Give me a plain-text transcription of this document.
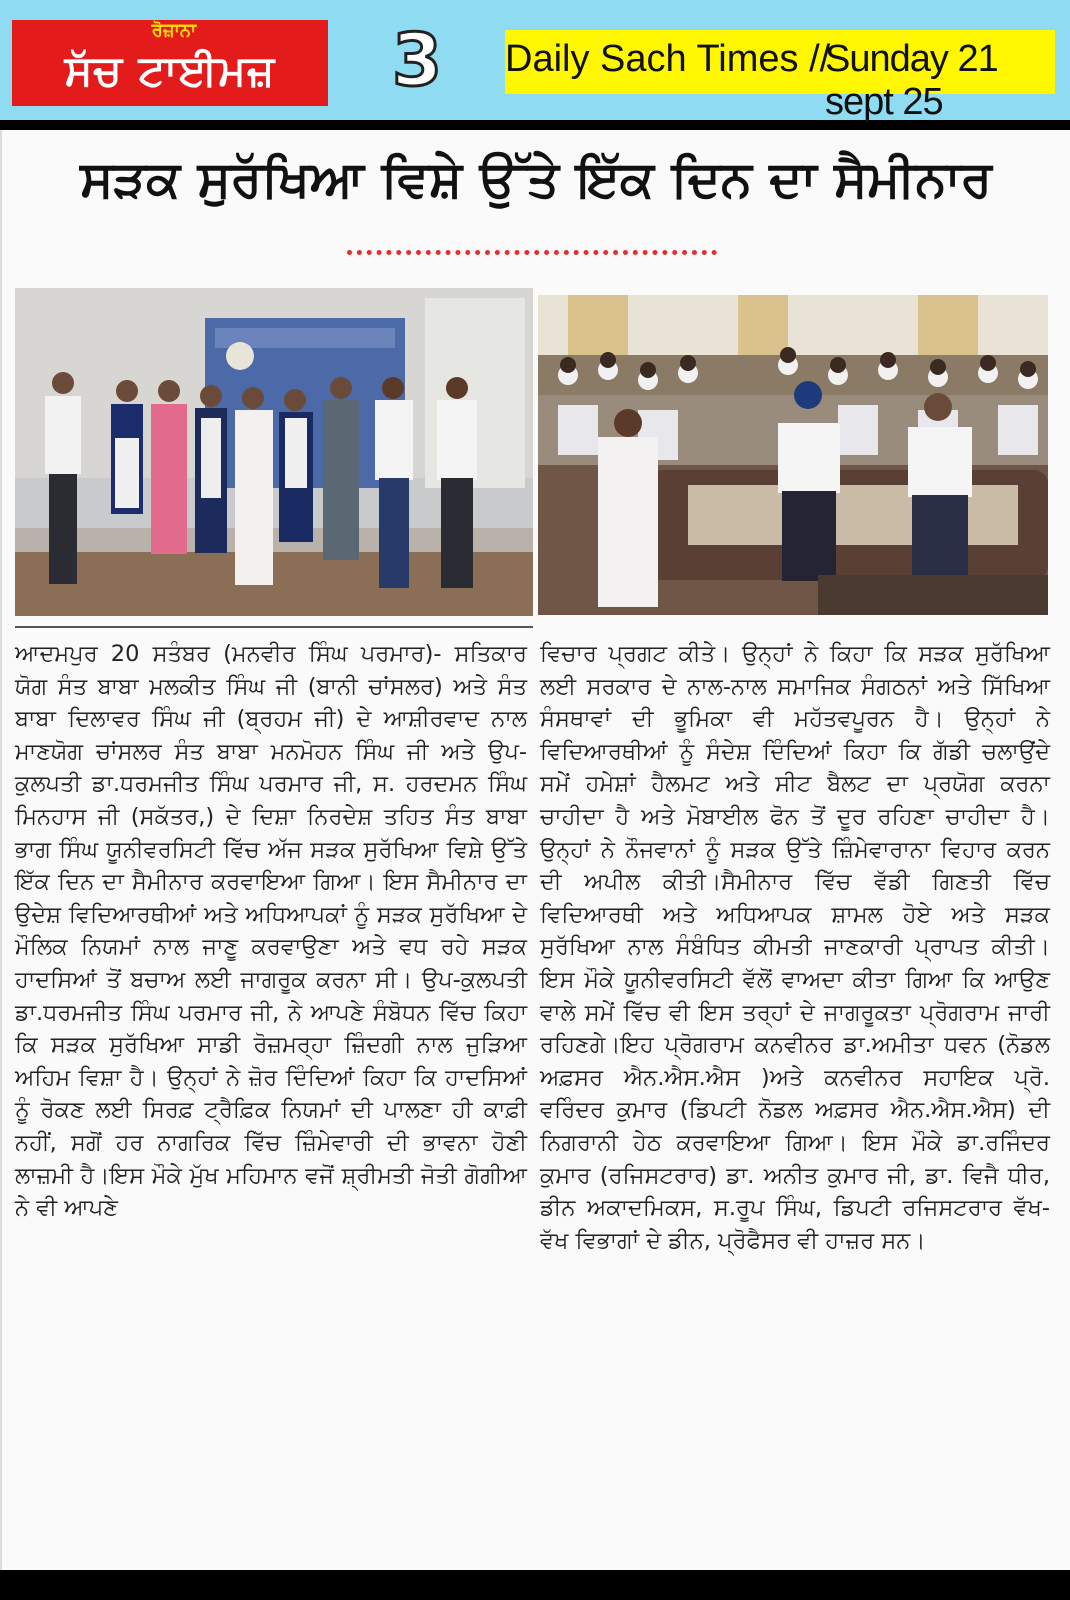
ਰੋਜ਼ਾਨਾ
ਸੱਚ ਟਾਈਮਜ਼	3	Daily Sach Times //
Sunday 21 sept 25
ਸੜਕ ਸੁਰੱਖਿਆ ਵਿਸ਼ੇ ਉੱਤੇ ਇੱਕ ਦਿਨ ਦਾ ਸੈਮੀਨਾਰ
ਆਦਮਪੁਰ 20 ਸਤੰਬਰ (ਮਨਵੀਰ ਸਿੰਘ ਪਰਮਾਰ)- ਸਤਿਕਾਰ ਯੋਗ ਸੰਤ ਬਾਬਾ ਮਲਕੀਤ ਸਿੰਘ ਜੀ (ਬਾਨੀ ਚਾਂਸਲਰ) ਅਤੇ ਸੰਤ ਬਾਬਾ ਦਿਲਾਵਰ ਸਿੰਘ ਜੀ (ਬ੍ਰਹਮ ਜੀ) ਦੇ ਆਸ਼ੀਰਵਾਦ ਨਾਲ ਮਾਣਯੋਗ ਚਾਂਸਲਰ ਸੰਤ ਬਾਬਾ ਮਨਮੋਹਨ ਸਿੰਘ ਜੀ ਅਤੇ ਉਪ-ਕੁਲਪਤੀ ਡਾ.ਧਰਮਜੀਤ ਸਿੰਘ ਪਰਮਾਰ ਜੀ, ਸ. ਹਰਦਮਨ ਸਿੰਘ ਮਿਨਹਾਸ ਜੀ (ਸਕੱਤਰ,) ਦੇ ਦਿਸ਼ਾ ਨਿਰਦੇਸ਼ ਤਹਿਤ ਸੰਤ ਬਾਬਾ ਭਾਗ ਸਿੰਘ ਯੂਨੀਵਰਸਿਟੀ ਵਿੱਚ ਅੱਜ ਸੜਕ ਸੁਰੱਖਿਆ ਵਿਸ਼ੇ ਉੱਤੇ ਇੱਕ ਦਿਨ ਦਾ ਸੈਮੀਨਾਰ ਕਰਵਾਇਆ ਗਿਆ। ਇਸ ਸੈਮੀਨਾਰ ਦਾ ਉਦੇਸ਼ ਵਿਦਿਆਰਥੀਆਂ ਅਤੇ ਅਧਿਆਪਕਾਂ ਨੂੰ ਸੜਕ ਸੁਰੱਖਿਆ ਦੇ ਮੌਲਿਕ ਨਿਯਮਾਂ ਨਾਲ ਜਾਣੂ ਕਰਵਾਉਣਾ ਅਤੇ ਵਧ ਰਹੇ ਸੜਕ ਹਾਦਸਿਆਂ ਤੋਂ ਬਚਾਅ ਲਈ ਜਾਗਰੂਕ ਕਰਨਾ ਸੀ। ਉਪ-ਕੁਲਪਤੀ ਡਾ.ਧਰਮਜੀਤ ਸਿੰਘ ਪਰਮਾਰ ਜੀ, ਨੇ ਆਪਣੇ ਸੰਬੋਧਨ ਵਿੱਚ ਕਿਹਾ ਕਿ ਸੜਕ ਸੁਰੱਖਿਆ ਸਾਡੀ ਰੋਜ਼ਮਰ੍ਹਾ ਜ਼ਿੰਦਗੀ ਨਾਲ ਜੁੜਿਆ ਅਹਿਮ ਵਿਸ਼ਾ ਹੈ। ਉਨ੍ਹਾਂ ਨੇ ਜ਼ੋਰ ਦਿੰਦਿਆਂ ਕਿਹਾ ਕਿ ਹਾਦਸਿਆਂ ਨੂੰ ਰੋਕਣ ਲਈ ਸਿਰਫ਼ ਟ੍ਰੈਫ਼ਿਕ ਨਿਯਮਾਂ ਦੀ ਪਾਲਣਾ ਹੀ ਕਾਫ਼ੀ ਨਹੀਂ, ਸਗੋਂ ਹਰ ਨਾਗਰਿਕ ਵਿੱਚ ਜ਼ਿੰਮੇਵਾਰੀ ਦੀ ਭਾਵਨਾ ਹੋਣੀ ਲਾਜ਼ਮੀ ਹੈ।ਇਸ ਮੌਕੇ ਮੁੱਖ ਮਹਿਮਾਨ ਵਜੋਂ ਸ਼੍ਰੀਮਤੀ ਜੋਤੀ ਗੋਗੀਆ ਨੇ ਵੀ ਆਪਣੇ
ਵਿਚਾਰ ਪ੍ਰਗਟ ਕੀਤੇ। ਉਨ੍ਹਾਂ ਨੇ ਕਿਹਾ ਕਿ ਸੜਕ ਸੁਰੱਖਿਆ ਲਈ ਸਰਕਾਰ ਦੇ ਨਾਲ-ਨਾਲ ਸਮਾਜਿਕ ਸੰਗਠਨਾਂ ਅਤੇ ਸਿੱਖਿਆ ਸੰਸਥਾਵਾਂ ਦੀ ਭੂਮਿਕਾ ਵੀ ਮਹੱਤਵਪੂਰਨ ਹੈ। ਉਨ੍ਹਾਂ ਨੇ ਵਿਦਿਆਰਥੀਆਂ ਨੂੰ ਸੰਦੇਸ਼ ਦਿੰਦਿਆਂ ਕਿਹਾ ਕਿ ਗੱਡੀ ਚਲਾਉਂਦੇ ਸਮੇਂ ਹਮੇਸ਼ਾਂ ਹੈਲਮਟ ਅਤੇ ਸੀਟ ਬੈਲਟ ਦਾ ਪ੍ਰਯੋਗ ਕਰਨਾ ਚਾਹੀਦਾ ਹੈ ਅਤੇ ਮੋਬਾਈਲ ਫੋਨ ਤੋਂ ਦੂਰ ਰਹਿਣਾ ਚਾਹੀਦਾ ਹੈ।ਉਨ੍ਹਾਂ ਨੇ ਨੌਜਵਾਨਾਂ ਨੂੰ ਸੜਕ ਉੱਤੇ ਜ਼ਿੰਮੇਵਾਰਾਨਾ ਵਿਹਾਰ ਕਰਨ ਦੀ ਅਪੀਲ ਕੀਤੀ।ਸੈਮੀਨਾਰ ਵਿੱਚ ਵੱਡੀ ਗਿਣਤੀ ਵਿੱਚ ਵਿਦਿਆਰਥੀ ਅਤੇ ਅਧਿਆਪਕ ਸ਼ਾਮਲ ਹੋਏ ਅਤੇ ਸੜਕ ਸੁਰੱਖਿਆ ਨਾਲ ਸੰਬੰਧਿਤ ਕੀਮਤੀ ਜਾਣਕਾਰੀ ਪ੍ਰਾਪਤ ਕੀਤੀ। ਇਸ ਮੌਕੇ ਯੂਨੀਵਰਸਿਟੀ ਵੱਲੋਂ ਵਾਅਦਾ ਕੀਤਾ ਗਿਆ ਕਿ ਆਉਣ ਵਾਲੇ ਸਮੇਂ ਵਿੱਚ ਵੀ ਇਸ ਤਰ੍ਹਾਂ ਦੇ ਜਾਗਰੂਕਤਾ ਪ੍ਰੋਗਰਾਮ ਜਾਰੀ ਰਹਿਣਗੇ।ਇਹ ਪ੍ਰੋਗਰਾਮ ਕਨਵੀਨਰ ਡਾ.ਅਮੀਤਾ ਧਵਨ (ਨੋਡਲ ਅਫ਼ਸਰ ਐਨ.ਐਸ.ਐਸ )ਅਤੇ ਕਨਵੀਨਰ ਸਹਾਇਕ ਪ੍ਰੋ. ਵਰਿੰਦਰ ਕੁਮਾਰ (ਡਿਪਟੀ ਨੋਡਲ ਅਫ਼ਸਰ ਐਨ.ਐਸ.ਐਸ) ਦੀ ਨਿਗਰਾਨੀ ਹੇਠ ਕਰਵਾਇਆ ਗਿਆ। ਇਸ ਮੌਕੇ ਡਾ.ਰਜਿੰਦਰ ਕੁਮਾਰ (ਰਜਿਸਟਰਾਰ) ਡਾ. ਅਨੀਤ ਕੁਮਾਰ ਜੀ, ਡਾ. ਵਿਜੈ ਧੀਰ, ਡੀਨ ਅਕਾਦਮਿਕਸ, ਸ.ਰੂਪ ਸਿੰਘ, ਡਿਪਟੀ ਰਜਿਸਟਰਾਰ ਵੱਖ-ਵੱਖ ਵਿਭਾਗਾਂ ਦੇ ਡੀਨ, ਪ੍ਰੋਫੈਸਰ ਵੀ ਹਾਜ਼ਰ ਸਨ।
